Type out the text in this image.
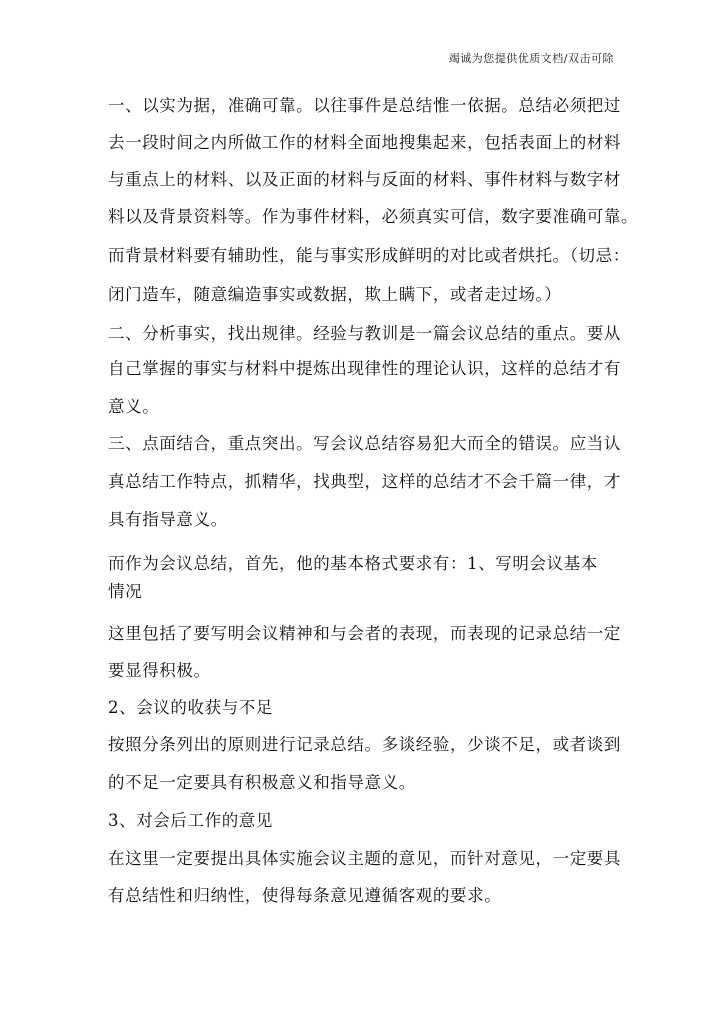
竭诚为您提供优质文档/双击可除
一、以实为据，准确可靠。以往事件是总结惟一依据。总结必须把过
去一段时间之内所做工作的材料全面地搜集起来，包括表面上的材料
与重点上的材料、以及正面的材料与反面的材料、事件材料与数字材
料以及背景资料等。作为事件材料，必须真实可信，数字要准确可靠。
而背景材料要有辅助性，能与事实形成鲜明的对比或者烘托。（切忌：
闭门造车，随意编造事实或数据，欺上瞒下，或者走过场。）
二、分析事实，找出规律。经验与教训是一篇会议总结的重点。要从
自己掌握的事实与材料中提炼出现律性的理论认识，这样的总结才有
意义。
三、点面结合，重点突出。写会议总结容易犯大而全的错误。应当认
真总结工作特点，抓精华，找典型，这样的总结才不会千篇一律，才
具有指导意义。
而作为会议总结，首先，他的基本格式要求有：1、写明会议基本
情况
这里包括了要写明会议精神和与会者的表现，而表现的记录总结一定
要显得积极。
2、会议的收获与不足
按照分条列出的原则进行记录总结。多谈经验，少谈不足，或者谈到
的不足一定要具有积极意义和指导意义。
3、对会后工作的意见
在这里一定要提出具体实施会议主题的意见，而针对意见，一定要具
有总结性和归纳性，使得每条意见遵循客观的要求。
